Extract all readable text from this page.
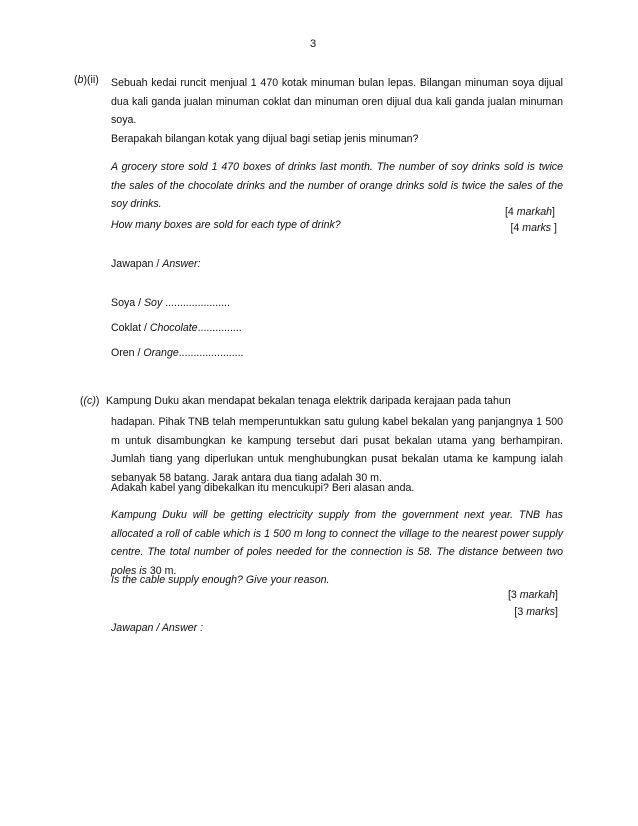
3
(b)(ii) Sebuah kedai runcit menjual 1 470 kotak minuman bulan lepas. Bilangan minuman soya dijual dua kali ganda jualan minuman coklat dan minuman oren dijual dua kali ganda jualan minuman soya.
Berapakah bilangan kotak yang dijual bagi setiap jenis minuman?
A grocery store sold 1 470 boxes of drinks last month. The number of soy drinks sold is twice the sales of the chocolate drinks and the number of orange drinks sold is twice the sales of the soy drinks.
[4 markah]
How many boxes are sold for each type of drink?	[4 marks ]
Jawapan / Answer:
Soya / Soy ......................
Coklat / Chocolate...............
Oren / Orange......................
((c)) Kampung Duku akan mendapat bekalan tenaga elektrik daripada kerajaan pada tahun
hadapan. Pihak TNB telah memperuntukkan satu gulung kabel bekalan yang panjangnya 1 500 m untuk disambungkan ke kampung tersebut dari pusat bekalan utama yang berhampiran. Jumlah tiang yang diperlukan untuk menghubungkan pusat bekalan utama ke kampung ialah sebanyak 58 batang. Jarak antara dua tiang adalah 30 m.
Adakah kabel yang dibekalkan itu mencukupi? Beri alasan anda.
Kampung Duku will be getting electricity supply from the government next year. TNB has allocated a roll of cable which is 1 500 m long to connect the village to the nearest power supply centre. The total number of poles needed for the connection is 58. The distance between two poles is 30 m.
Is the cable supply enough? Give your reason.
[3 markah]
[3 marks]
Jawapan / Answer :
